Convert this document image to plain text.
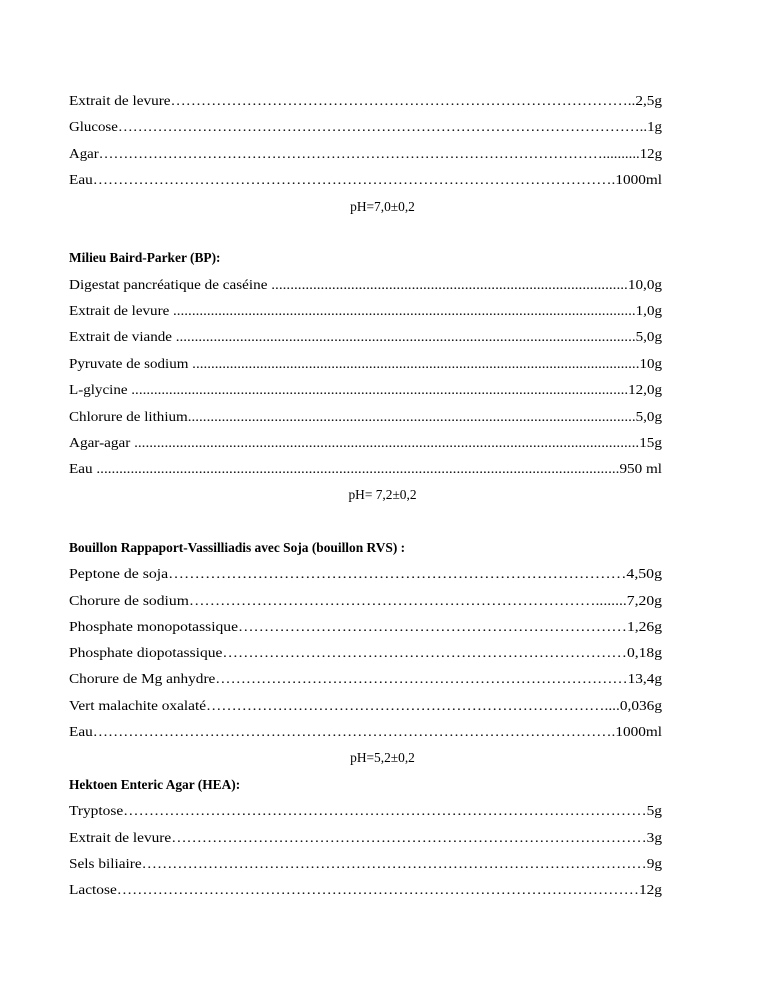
Extrait de levure………………………………………………………………………………..2,5g
Glucose……………………………………………………………………………………………..1g
Agar…………………………………………………………………………………………..........12g
Eau………………………………………………………………………………………….1000ml
pH=7,0±0,2
Milieu Baird-Parker (BP):
Digestat pancréatique de caséine ..............................................................................................10,0g
Extrait de levure ...........................................................................................................................1,0g
Extrait de viande ..........................................................................................................................5,0g
Pyruvate de sodium .......................................................................................................................10g
L-glycine ....................................................................................................................................12,0g
Chlorure de lithium.......................................................................................................................5,0g
Agar-agar .....................................................................................................................................15g
Eau ..........................................................................................................................................950 ml
pH= 7,2±0,2
Bouillon Rappaport-Vassilliadis avec Soja (bouillon RVS) :
Peptone de soja……………………………………………………………………………4,50g
Chorure de sodium……………………………………………………………………........7,20g
Phosphate monopotassique…………………………………………………………………1,26g
Phosphate diopotassique……………………………………………………………………0,18g
Chorure de Mg anhydre………………………………………………………………………13,4g
Vert malachite oxalaté……………………………………………………………………....0,036g
Eau………………………………………………………………………………………….1000ml
pH=5,2±0,2
Hektoen Enteric Agar (HEA):
Tryptose…………………………………………………………………………………………5g
Extrait de levure…………………………………………………………………………………3g
Sels biliaire………………………………………………………………………………………9g
Lactose…………………………………………………………………………………………12g
